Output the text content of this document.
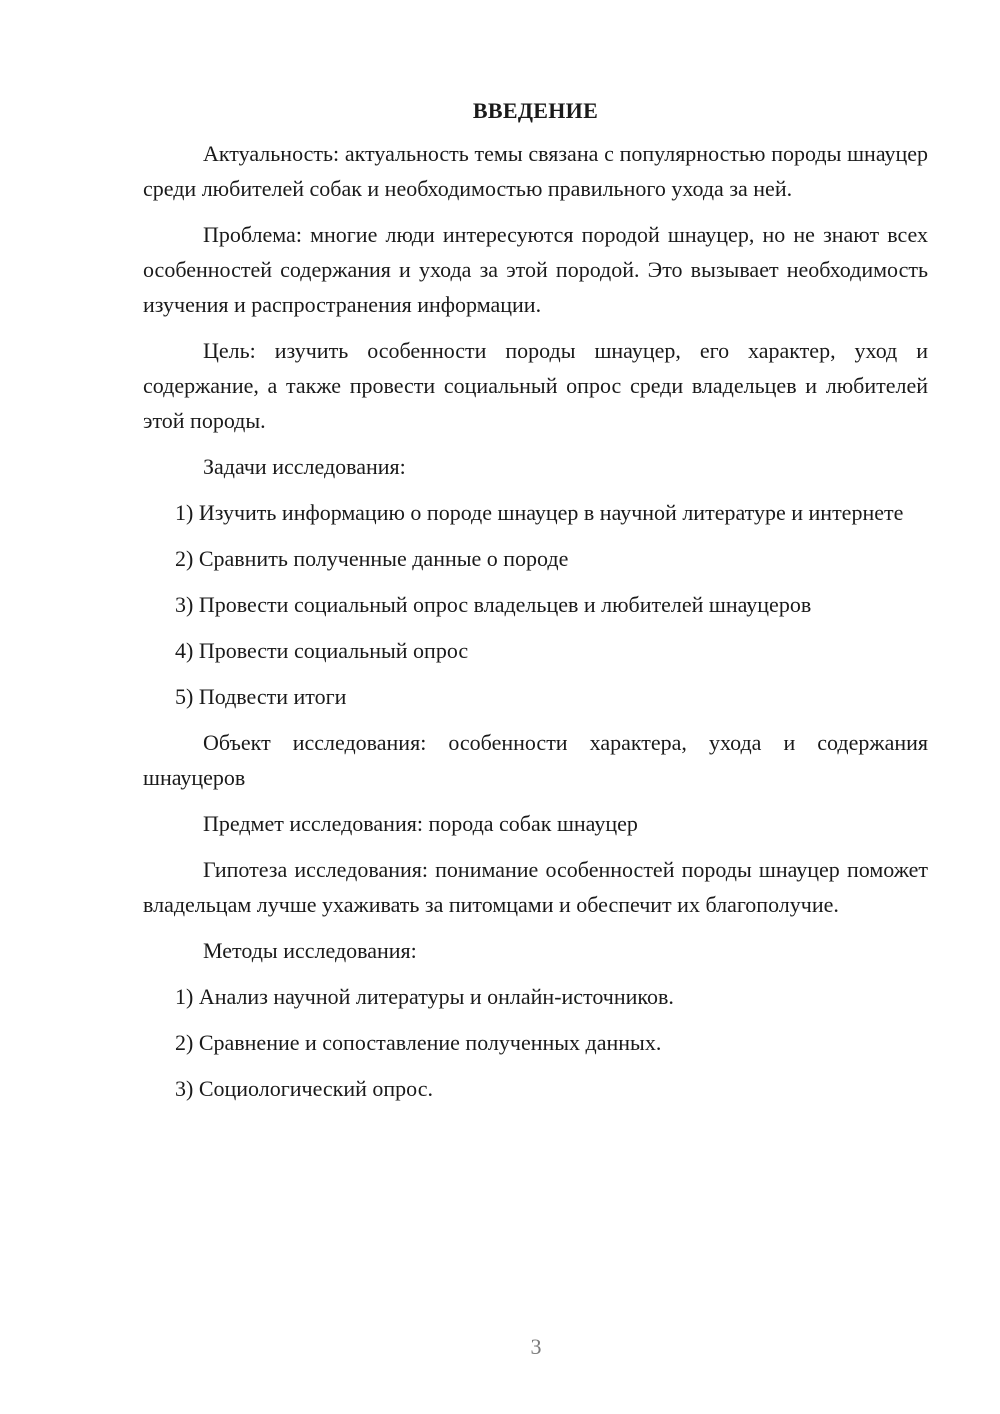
ВВЕДЕНИЕ

Актуальность: актуальность темы связана с популярностью породы шнауцер среди любителей собак и необходимостью правильного ухода за ней.

Проблема: многие люди интересуются породой шнауцер, но не знают всех особенностей содержания и ухода за этой породой. Это вызывает необходимость изучения и распространения информации.

Цель: изучить особенности породы шнауцер, его характер, уход и содержание, а также провести социальный опрос среди владельцев и любителей этой породы.

Задачи исследования:

1) Изучить информацию о породе шнауцер в научной литературе и интернете

2) Сравнить полученные данные о породе

3) Провести социальный опрос владельцев и любителей шнауцеров

4) Провести социальный опрос

5) Подвести итоги

Объект исследования: особенности характера, ухода и содержания шнауцеров

Предмет исследования: порода собак шнауцер

Гипотеза исследования: понимание особенностей породы шнауцер поможет владельцам лучше ухаживать за питомцами и обеспечит их благополучие.

Методы исследования:

1) Анализ научной литературы и онлайн-источников.

2) Сравнение и сопоставление полученных данных.

3) Социологический опрос.

3
